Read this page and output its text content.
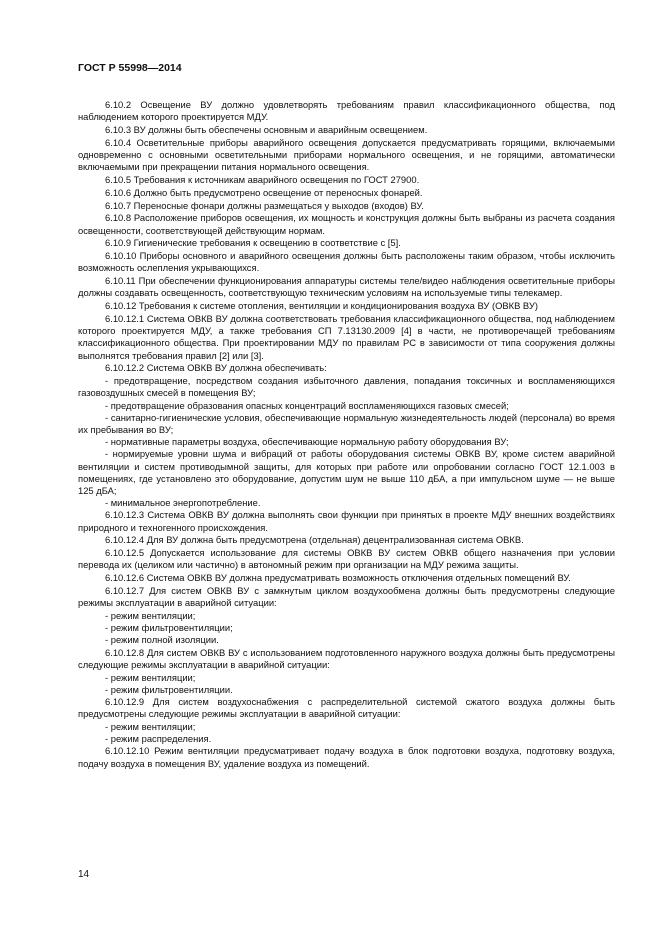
ГОСТ Р 55998—2014

6.10.2 Освещение ВУ должно удовлетворять требованиям правил классификационного общества, под наблюдением которого проектируется МДУ.

6.10.3 ВУ должны быть обеспечены основным и аварийным освещением.

6.10.4 Осветительные приборы аварийного освещения допускается предусматривать горящими, включаемыми одновременно с основными осветительными приборами нормального освещения, и не горящими, автоматически включаемыми при прекращении питания нормального освещения.

6.10.5 Требования к источникам аварийного освещения по ГОСТ 27900.

6.10.6 Должно быть предусмотрено освещение от переносных фонарей.

6.10.7 Переносные фонари должны размещаться у выходов (входов) ВУ.

6.10.8 Расположение приборов освещения, их мощность и конструкция должны быть выбраны из расчета создания освещенности, соответствующей действующим нормам.

6.10.9 Гигиенические требования к освещению в соответствие с [5].

6.10.10 Приборы основного и аварийного освещения должны быть расположены таким образом, чтобы исключить возможность ослепления укрывающихся.

6.10.11 При обеспечении функционирования аппаратуры системы теле/видео наблюдения осветительные приборы должны создавать освещенность, соответствующую техническим условиям на используемые типы телекамер.

6.10.12 Требования к системе отопления, вентиляции и кондиционирования воздуха ВУ (ОВКВ ВУ)

6.10.12.1 Система ОВКВ ВУ должна соответствовать требования классификационного общества, под наблюдением которого проектируется МДУ, а также требования СП 7.13130.2009 [4] в части, не противоречащей требованиям классификационного общества. При проектировании МДУ по правилам РС в зависимости от типа сооружения должны выполнятся требования правил [2] или [3].

6.10.12.2 Система ОВКВ ВУ должна обеспечивать:

- предотвращение, посредством создания избыточного давления, попадания токсичных и воспламеняющихся газовоздушных смесей в помещения ВУ;

- предотвращение образования опасных концентраций воспламеняющихся газовых смесей;

- санитарно-гигиенические условия, обеспечивающие нормальную жизнедеятельность людей (персонала) во время их пребывания во ВУ;

- нормативные параметры воздуха, обеспечивающие нормальную работу оборудования ВУ;

- нормируемые уровни шума и вибраций от работы оборудования системы ОВКВ ВУ, кроме систем аварийной вентиляции и систем противодымной защиты, для которых при работе или опробовании согласно ГОСТ 12.1.003 в помещениях, где установлено это оборудование, допустим шум не выше 110 дБА, а при импульсном шуме — не выше 125 дБА;

- минимальное энергопотребление.

6.10.12.3 Система ОВКВ ВУ должна выполнять свои функции при принятых в проекте МДУ внешних воздействиях природного и техногенного происхождения.

6.10.12.4 Для ВУ должна быть предусмотрена (отдельная) децентрализованная система ОВКВ.

6.10.12.5 Допускается использование для системы ОВКВ ВУ систем ОВКВ общего назначения при условии перевода их (целиком или частично) в автономный режим при организации на МДУ режима защиты.

6.10.12.6 Система ОВКВ ВУ должна предусматривать возможность отключения отдельных помещений ВУ.

6.10.12.7 Для систем ОВКВ ВУ с замкнутым циклом воздухообмена должны быть предусмотрены следующие режимы эксплуатации в аварийной ситуации:

- режим вентиляции;

- режим фильтровентиляции;

- режим полной изоляции.

6.10.12.8 Для систем ОВКВ ВУ с использованием подготовленного наружного воздуха должны быть предусмотрены следующие режимы эксплуатации в аварийной ситуации:

- режим вентиляции;

- режим фильтровентиляции.

6.10.12.9 Для систем воздухоснабжения с распределительной системой сжатого воздуха должны быть предусмотрены следующие режимы эксплуатации в аварийной ситуации:

- режим вентиляции;

- режим распределения.

6.10.12.10 Режим вентиляции предусматривает подачу воздуха в блок подготовки воздуха, подготовку воздуха, подачу воздуха в помещения ВУ, удаление воздуха из помещений.

14
